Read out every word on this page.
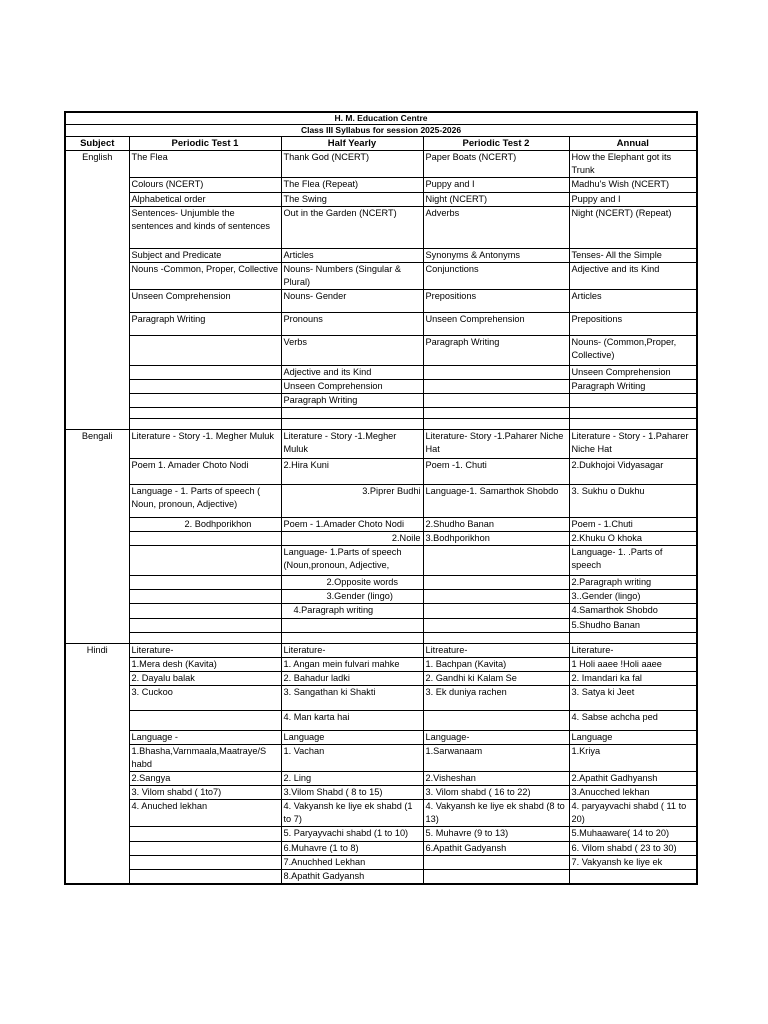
H. M. Education Centre				
Class III Syllabus for session 2025-2026				
Subject	Periodic Test 1	Half Yearly	Periodic Test 2	Annual
English	The Flea	Thank God (NCERT)	Paper Boats (NCERT)	How the Elephant got its Trunk
	Colours (NCERT)	The Flea (Repeat)	Puppy and I	Madhu's Wish (NCERT)
	Alphabetical order	The Swing	Night (NCERT)	Puppy and I
	Sentences- Unjumble the sentences and kinds of sentences	Out in the Garden (NCERT)	Adverbs	Night (NCERT) (Repeat)
	Subject and Predicate	Articles	Synonyms & Antonyms	Tenses- All the Simple
	Nouns -Common, Proper, Collective	Nouns- Numbers (Singular & Plural)	Conjunctions	Adjective and its Kind
	Unseen Comprehension	Nouns- Gender	Prepositions	Articles
	Paragraph Writing	Pronouns	Unseen Comprehension	Prepositions
		Verbs	Paragraph Writing	Nouns- (Common,Proper, Collective)
		Adjective and its Kind		Unseen Comprehension
		Unseen Comprehension		Paragraph Writing
		Paragraph Writing		

Bengali	Literature - Story -1. Megher Muluk	Literature - Story -1.Megher Muluk	Literature- Story -1.Paharer Niche Hat	Literature - Story - 1.Paharer Niche Hat
	Poem 1. Amader Choto Nodi	2.Hira Kuni	Poem -1. Chuti	2.Dukhojoi Vidyasagar
	Language - 1. Parts of speech ( Noun, pronoun, Adjective)	3.Piprer Budhi	Language-1. Samarthok Shobdo	3. Sukhu o Dukhu
	2. Bodhporikhon	Poem - 1.Amader Choto Nodi	2.Shudho Banan	Poem - 1.Chuti
		2.Noile	3.Bodhporikhon	2.Khuku O khoka
		Language- 1.Parts of speech (Noun,pronoun, Adjective,		Language- 1. .Parts of speech
		2.Opposite words		2.Paragraph writing
		3.Gender (lingo)		3..Gender (lingo)
		4.Paragraph writing		4.Samarthok Shobdo
				5.Shudho Banan

Hindi	Literature-	Literature-	Litreature-	Literature-
	1.Mera desh (Kavita)	1. Angan mein fulvari mahke	1. Bachpan (Kavita)	1 Holi aaee !Holi aaee
	2. Dayalu balak	2. Bahadur ladki	2. Gandhi ki Kalam Se	2. Imandari ka fal
	3. Cuckoo	3. Sangathan ki Shakti	3. Ek duniya rachen	3. Satya ki Jeet
		4. Man karta hai		4. Sabse achcha ped
	Language -	Language	Language-	Language
	1.Bhasha,Varnmaala,Maatraye/S habd	1. Vachan	1.Sarwanaam	1.Kriya
	2.Sangya	2. Ling	2.Visheshan	2.Apathit Gadhyansh
	3. Vilom shabd ( 1to7)	3.Vilom Shabd ( 8 to 15)	3. Vilom shabd ( 16 to 22)	3.Anucched lekhan
	4. Anuched lekhan	4. Vakyansh ke liye ek shabd (1 to 7)	4. Vakyansh ke liye ek shabd (8 to 13)	4. paryayvachi shabd ( 11 to 20)
		5. Paryayvachi shabd (1 to 10)	5. Muhavre (9 to 13)	5.Muhaaware( 14 to 20)
		6.Muhavre (1 to 8)	6.Apathit Gadyansh	6. Vilom shabd ( 23 to 30)
		7.Anuchhed Lekhan		7. Vakyansh ke liye ek
		8.Apathit Gadyansh		
